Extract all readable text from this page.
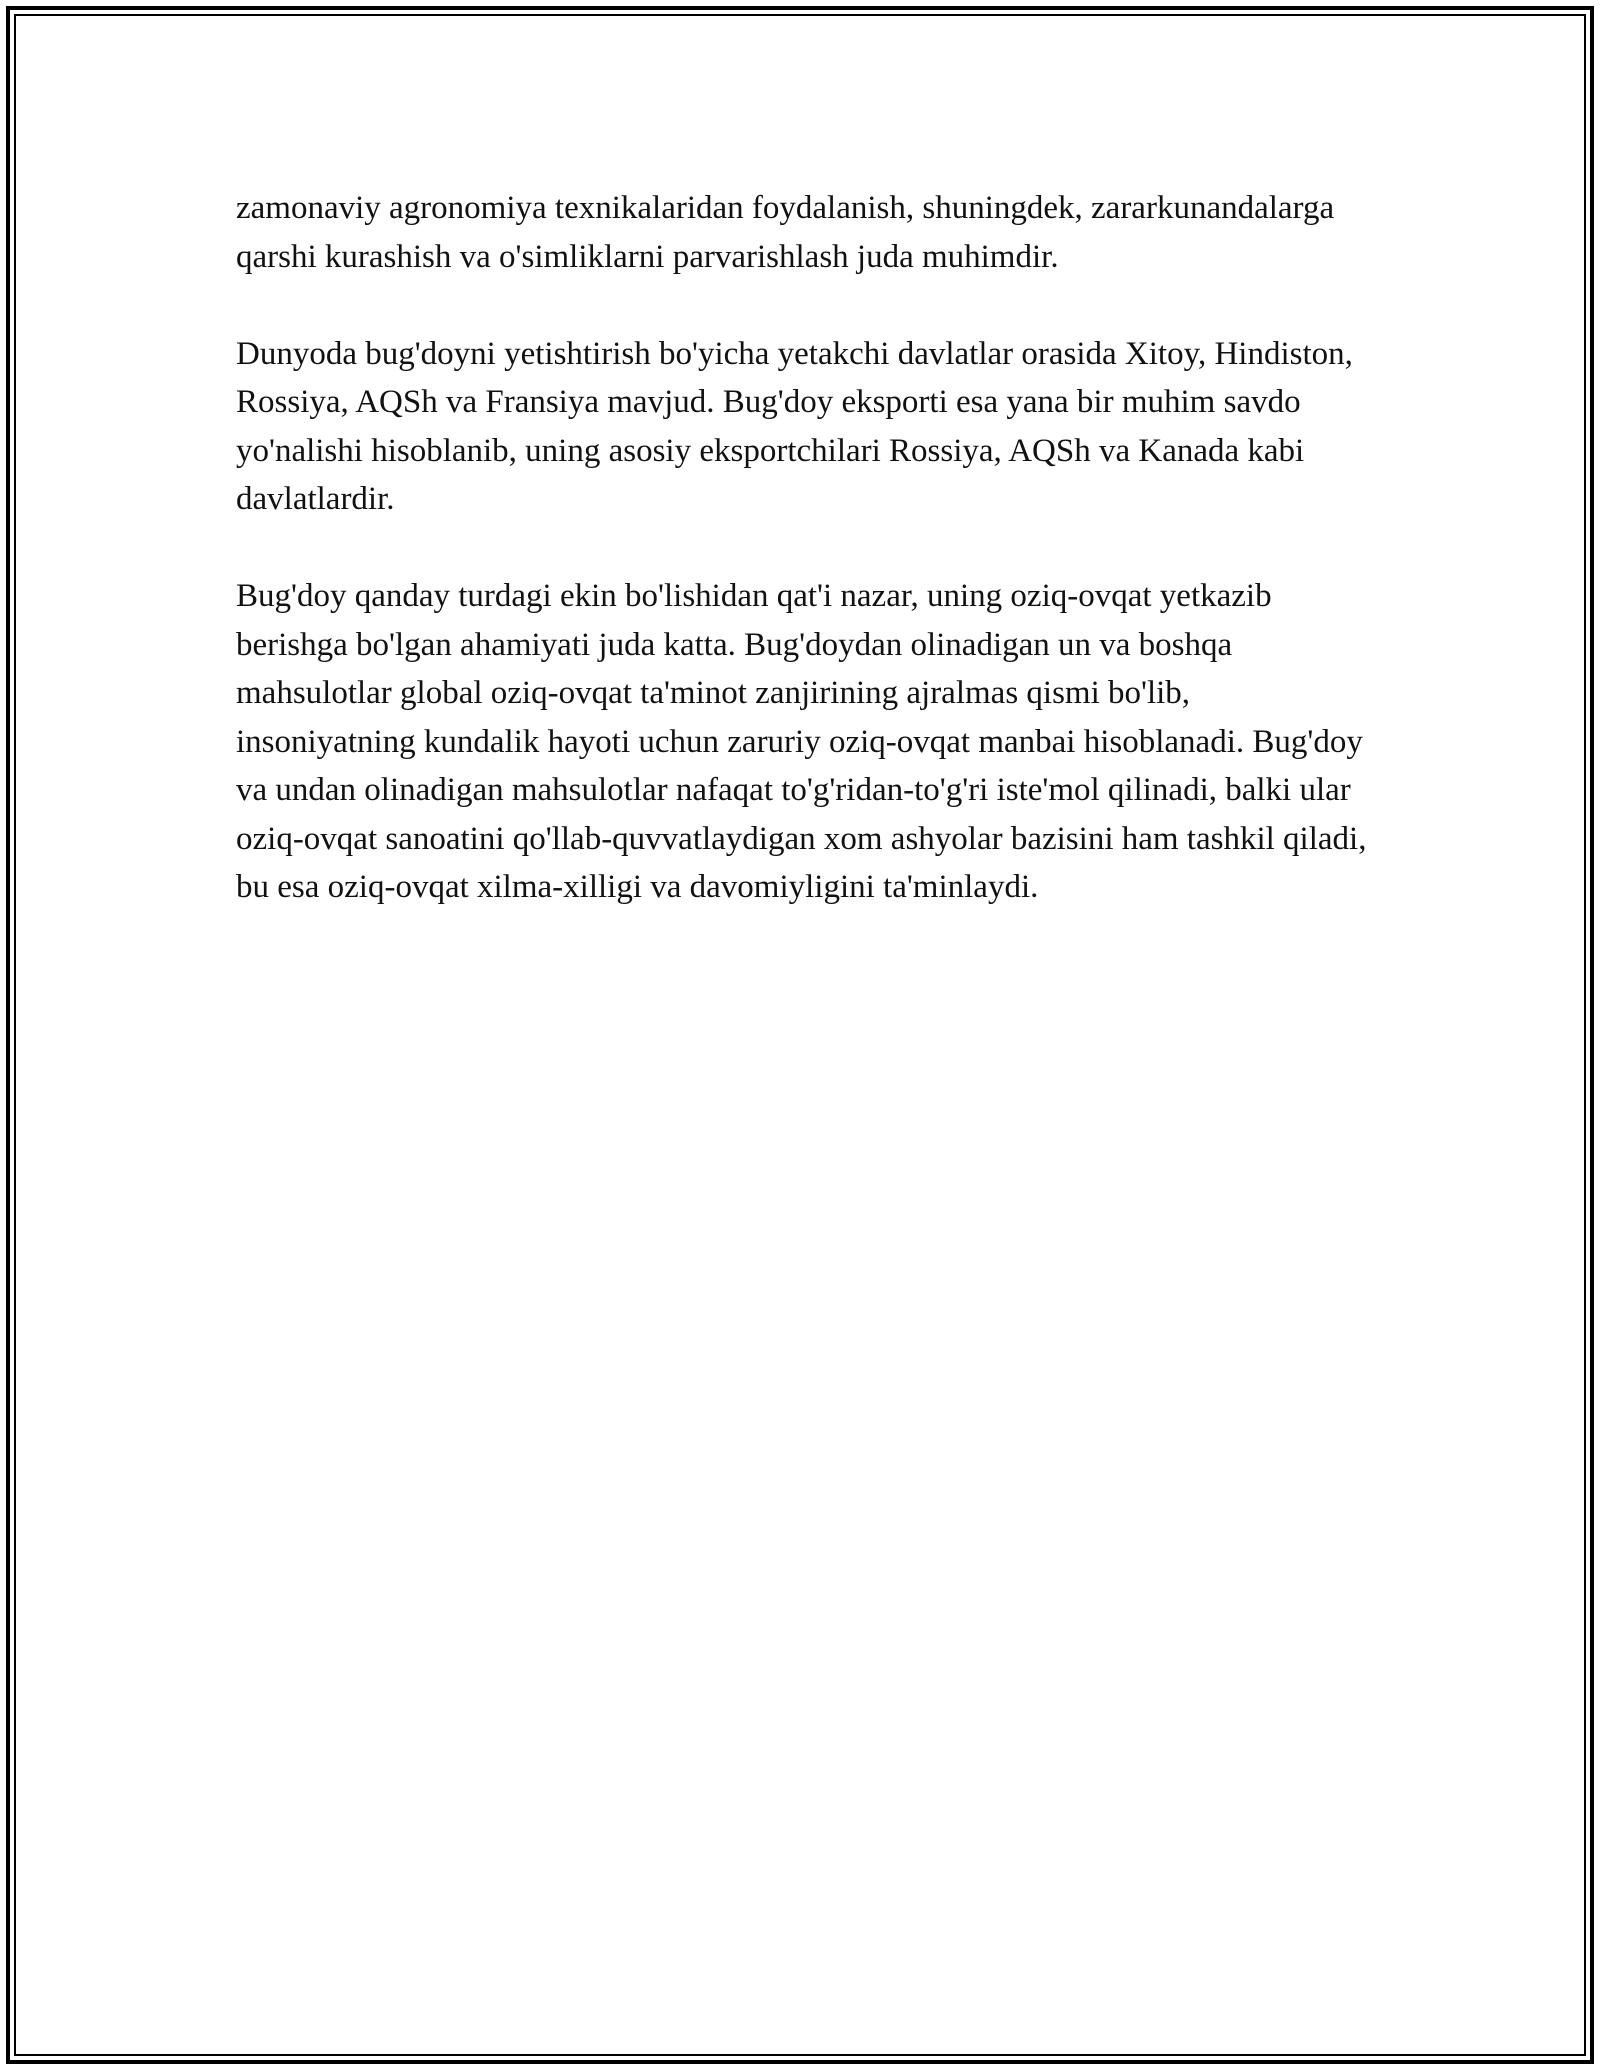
zamonaviy agronomiya texnikalaridan foydalanish, shuningdek, zararkunandalarga qarshi kurashish va o'simliklarni parvarishlash juda muhimdir.

Dunyoda bug'doyni yetishtirish bo'yicha yetakchi davlatlar orasida Xitoy, Hindiston, Rossiya, AQSh va Fransiya mavjud. Bug'doy eksporti esa yana bir muhim savdo yo'nalishi hisoblanib, uning asosiy eksportchilari Rossiya, AQSh va Kanada kabi davlatlardir.

Bug'doy qanday turdagi ekin bo'lishidan qat'i nazar, uning oziq-ovqat yetkazib berishga bo'lgan ahamiyati juda katta. Bug'doydan olinadigan un va boshqa mahsulotlar global oziq-ovqat ta'minot zanjirining ajralmas qismi bo'lib, insoniyatning kundalik hayoti uchun zaruriy oziq-ovqat manbai hisoblanadi. Bug'doy va undan olinadigan mahsulotlar nafaqat to'g'ridan-to'g'ri iste'mol qilinadi, balki ular oziq-ovqat sanoatini qo'llab-quvvatlaydigan xom ashyolar bazisini ham tashkil qiladi, bu esa oziq-ovqat xilma-xilligi va davomiyligini ta'minlaydi.
